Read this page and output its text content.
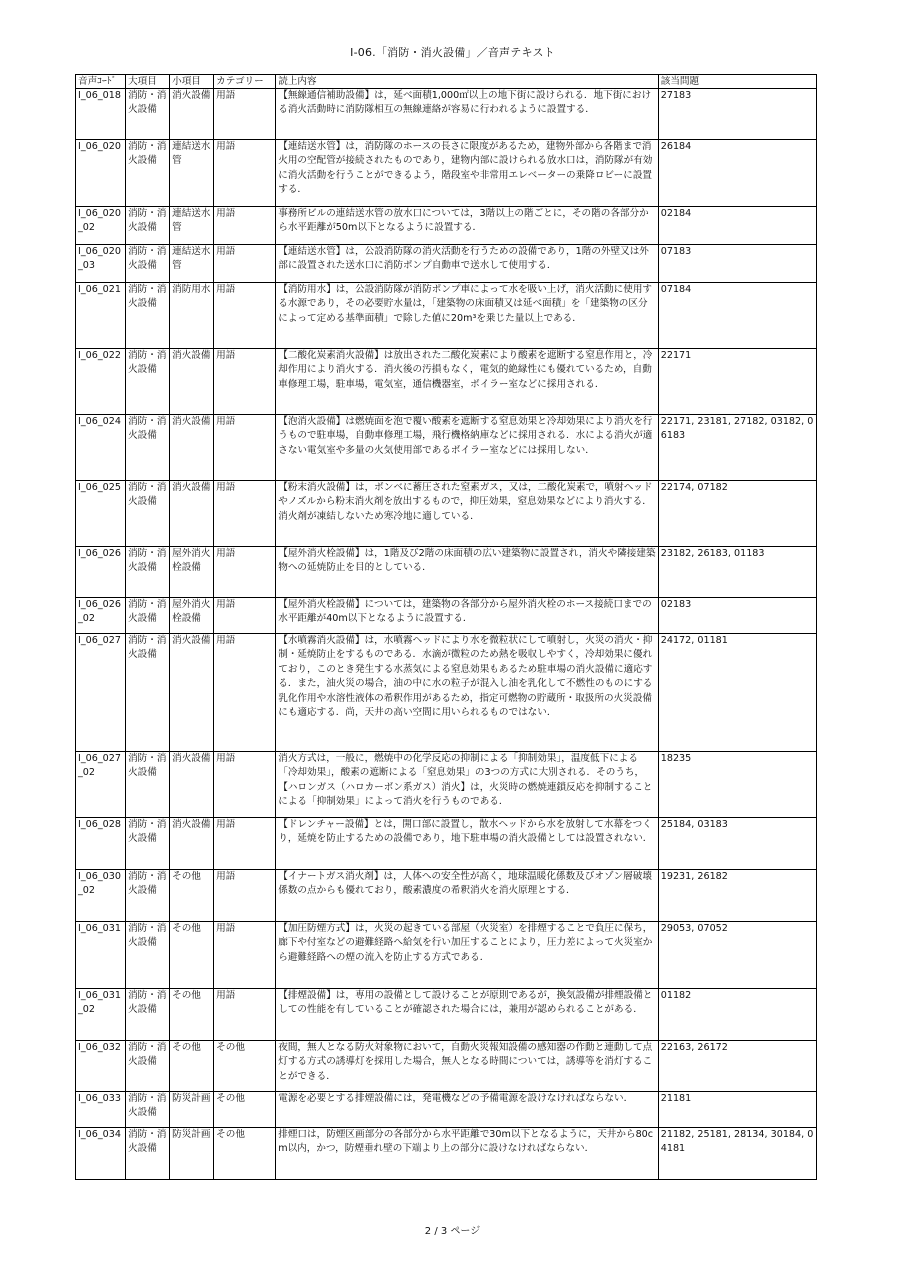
I-06.「消防・消火設備」／音声テキスト
音声ｺｰﾄﾞ	大項目	小項目	カテゴリー	読上内容	該当問題
I_06_018	消防・消火設備	消火設備	用語	【無線通信補助設備】は，延べ面積1,000㎡以上の地下街に設けられる．地下街における消火活動時に消防隊相互の無線連絡が容易に行われるように設置する．	27183
I_06_020	消防・消火設備	連結送水管	用語	【連結送水管】は，消防隊のホースの長さに限度があるため，建物外部から各階まで消火用の空配管が接続されたものであり，建物内部に設けられる放水口は，消防隊が有効に消火活動を行うことができるよう，階段室や非常用エレベーターの乗降ロビーに設置する．	26184
I_06_020_02	消防・消火設備	連結送水管	用語	事務所ビルの連結送水管の放水口については，3階以上の階ごとに，その階の各部分から水平距離が50m以下となるように設置する．	02184
I_06_020_03	消防・消火設備	連結送水管	用語	【連結送水管】は，公設消防隊の消火活動を行うための設備であり，1階の外壁又は外部に設置された送水口に消防ポンプ自動車で送水して使用する．	07183
I_06_021	消防・消火設備	消防用水	用語	【消防用水】は，公設消防隊が消防ポンプ車によって水を吸い上げ，消火活動に使用する水源であり，その必要貯水量は，「建築物の床面積又は延べ面積」を「建築物の区分によって定める基準面積」で除した値に20m³を乗じた量以上である．	07184
I_06_022	消防・消火設備	消火設備	用語	【二酸化炭素消火設備】は放出された二酸化炭素により酸素を遮断する窒息作用と，冷却作用により消火する．消火後の汚損もなく，電気的絶縁性にも優れているため，自動車修理工場，駐車場，電気室，通信機器室，ボイラー室などに採用される．	22171
I_06_024	消防・消火設備	消火設備	用語	【泡消火設備】は燃焼面を泡で覆い酸素を遮断する窒息効果と冷却効果により消火を行うもので駐車場，自動車修理工場，飛行機格納庫などに採用される．水による消火が適さない電気室や多量の火気使用部であるボイラー室などには採用しない．	22171, 23181, 27182, 03182, 06183
I_06_025	消防・消火設備	消火設備	用語	【粉末消火設備】は，ボンベに蓄圧された窒素ガス，又は，二酸化炭素で，噴射ヘッドやノズルから粉末消火剤を放出するもので，抑圧効果，窒息効果などにより消火する．消火剤が凍結しないため寒冷地に適している．	22174, 07182
I_06_026	消防・消火設備	屋外消火栓設備	用語	【屋外消火栓設備】は，1階及び2階の床面積の広い建築物に設置され，消火や隣接建築物への延焼防止を目的としている．	23182, 26183, 01183
I_06_026_02	消防・消火設備	屋外消火栓設備	用語	【屋外消火栓設備】については，建築物の各部分から屋外消火栓のホース接続口までの水平距離が40m以下となるように設置する．	02183
I_06_027	消防・消火設備	消火設備	用語	【水噴霧消火設備】は，水噴霧ヘッドにより水を微粒状にして噴射し，火災の消火・抑制・延焼防止をするものである．水滴が微粒のため熱を吸収しやすく，冷却効果に優れており，このとき発生する水蒸気による窒息効果もあるため駐車場の消火設備に適応する．また，油火災の場合，油の中に水の粒子が混入し油を乳化して不燃性のものにする乳化作用や水溶性液体の希釈作用があるため，指定可燃物の貯蔵所・取扱所の火災設備にも適応する．尚，天井の高い空間に用いられるものではない．	24172, 01181
I_06_027_02	消防・消火設備	消火設備	用語	消火方式は，一般に，燃焼中の化学反応の抑制による「抑制効果」，温度低下による「冷却効果」，酸素の遮断による「窒息効果」の3つの方式に大別される．そのうち，【ハロンガス（ハロカーボン系ガス）消火】は，火災時の燃焼連鎖反応を抑制することによる「抑制効果」によって消火を行うものである．	18235
I_06_028	消防・消火設備	消火設備	用語	【ドレンチャー設備】とは，開口部に設置し，散水ヘッドから水を放射して水幕をつくり，延焼を防止するための設備であり，地下駐車場の消火設備としては設置されない．	25184, 03183
I_06_030_02	消防・消火設備	その他	用語	【イナートガス消火剤】は，人体への安全性が高く，地球温暖化係数及びオゾン層破壊係数の点からも優れており，酸素濃度の希釈消火を消火原理とする．	19231, 26182
I_06_031	消防・消火設備	その他	用語	【加圧防煙方式】は，火災の起きている部屋（火災室）を排煙することで負圧に保ち，廊下や付室などの避難経路へ給気を行い加圧することにより，圧力差によって火災室から避難経路への煙の流入を防止する方式である．	29053, 07052
I_06_031_02	消防・消火設備	その他	用語	【排煙設備】は，専用の設備として設けることが原則であるが，換気設備が排煙設備としての性能を有していることが確認された場合には，兼用が認められることがある．	01182
I_06_032	消防・消火設備	その他	その他	夜間，無人となる防火対象物において，自動火災報知設備の感知器の作動と連動して点灯する方式の誘導灯を採用した場合，無人となる時間については，誘導等を消灯することができる．	22163, 26172
I_06_033	消防・消火設備	防災計画	その他	電源を必要とする排煙設備には，発電機などの予備電源を設けなければならない．	21181
I_06_034	消防・消火設備	防災計画	その他	排煙口は，防煙区画部分の各部分から水平距離で30m以下となるように，天井から80cm以内，かつ，防煙垂れ壁の下端より上の部分に設けなければならない．	21182, 25181, 28134, 30184, 04181
2 / 3 ページ
